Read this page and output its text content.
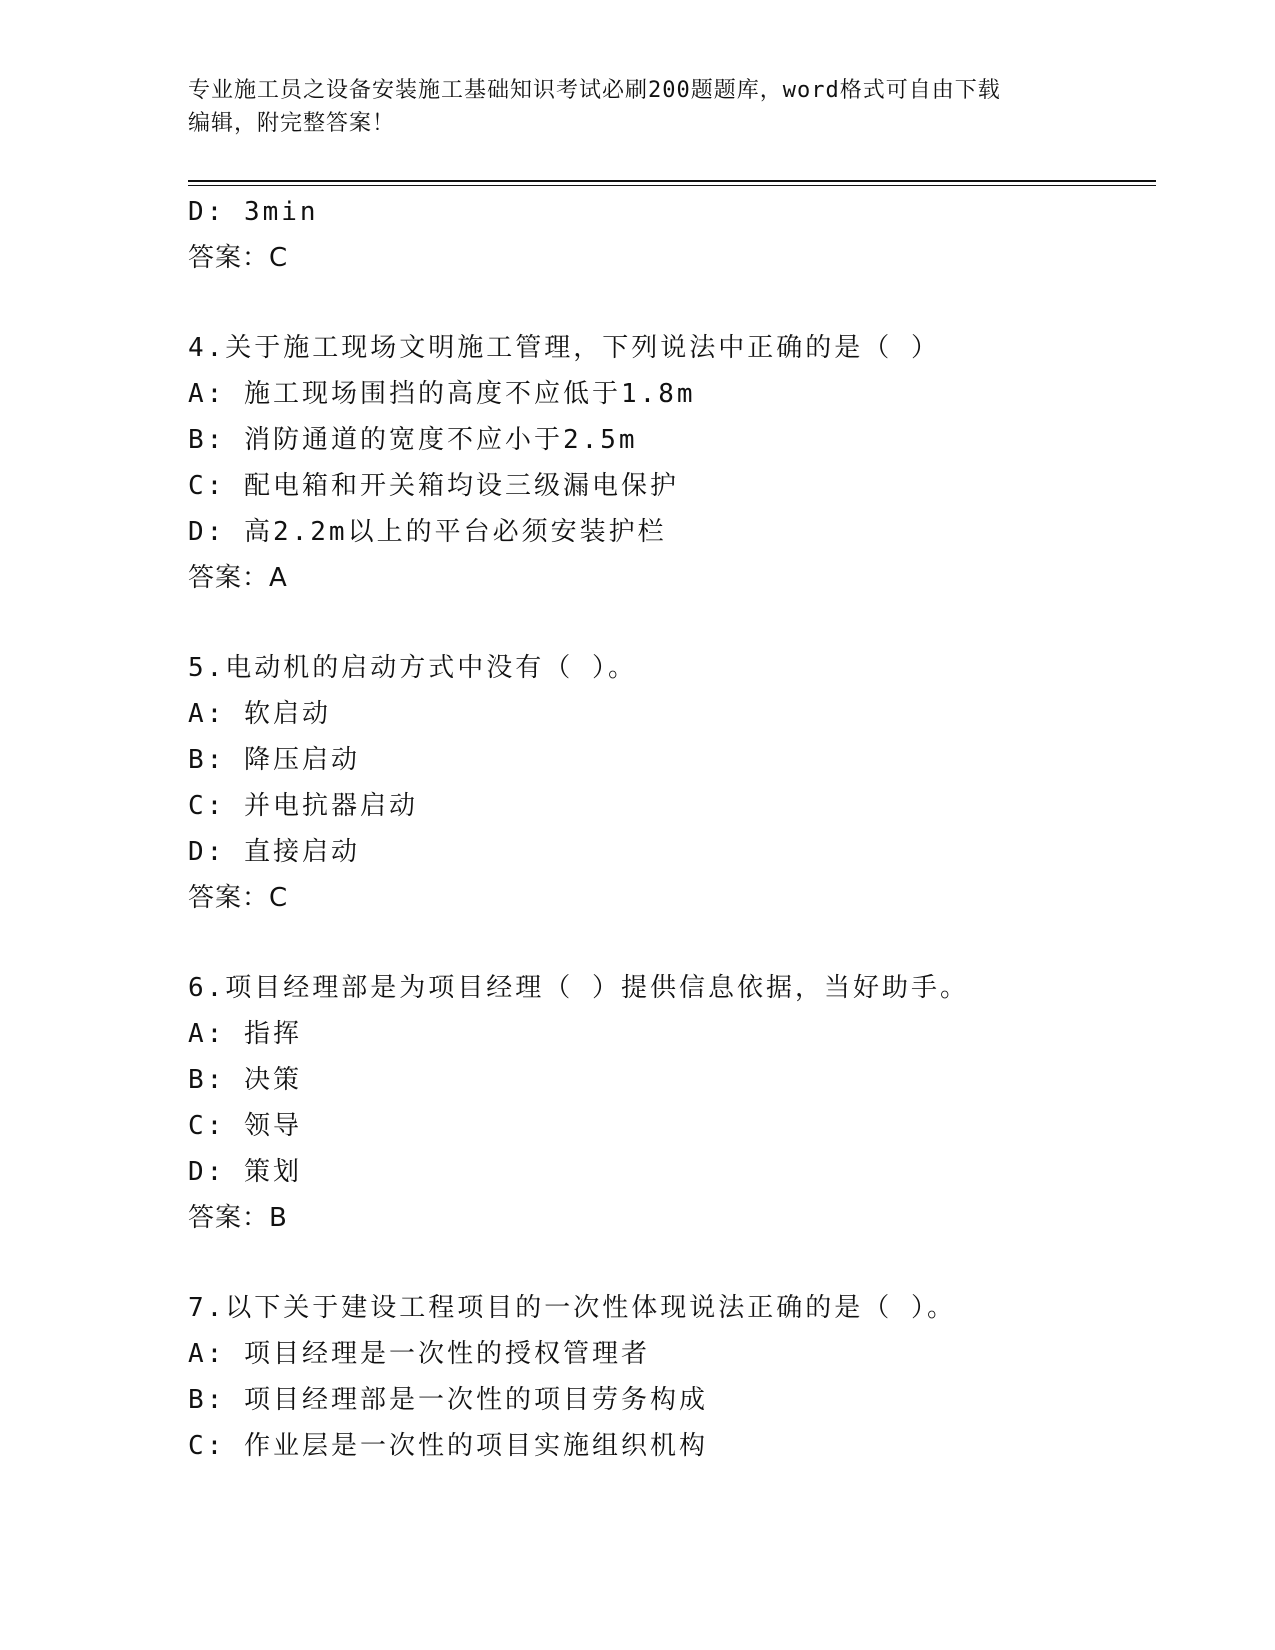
专业施工员之设备安装施工基础知识考试必刷200题题库，word格式可自由下载
编辑，附完整答案！
D: 3min
答案：C
4.关于施工现场文明施工管理，下列说法中正确的是（ ）
A: 施工现场围挡的高度不应低于1.8m
B: 消防通道的宽度不应小于2.5m
C: 配电箱和开关箱均设三级漏电保护
D: 高2.2m以上的平台必须安装护栏
答案：A
5.电动机的启动方式中没有（ ）。
A: 软启动
B: 降压启动
C: 并电抗器启动
D: 直接启动
答案：C
6.项目经理部是为项目经理（ ）提供信息依据，当好助手。
A: 指挥
B: 决策
C: 领导
D: 策划
答案：B
7.以下关于建设工程项目的一次性体现说法正确的是（ ）。
A: 项目经理是一次性的授权管理者
B: 项目经理部是一次性的项目劳务构成
C: 作业层是一次性的项目实施组织机构
